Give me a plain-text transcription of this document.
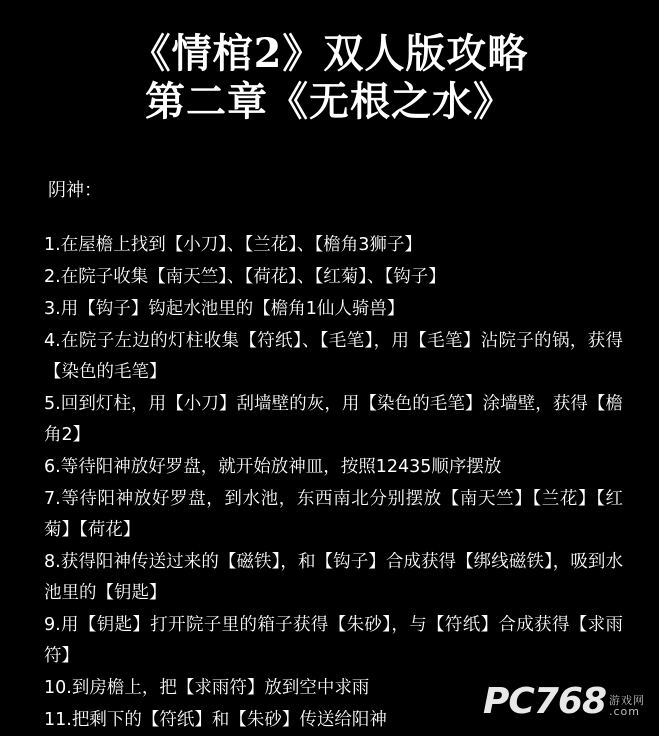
《情棺2》双人版攻略
第二章《无根之水》
阴神：
1.在屋檐上找到【小刀】、【兰花】、【檐角3狮子】
2.在院子收集【南天竺】、【荷花】、【红菊】、【钩子】
3.用【钩子】钩起水池里的【檐角1仙人骑兽】
4.在院子左边的灯柱收集【符纸】、【毛笔】，用【毛笔】沾院子的锅，获得【染色的毛笔】
5.回到灯柱，用【小刀】刮墙壁的灰，用【染色的毛笔】涂墙壁，获得【檐角2】
6.等待阳神放好罗盘，就开始放神皿，按照12435顺序摆放
7.等待阳神放好罗盘，到水池，东西南北分别摆放【南天竺】【兰花】【红菊】【荷花】
8.获得阳神传送过来的【磁铁】，和【钩子】合成获得【绑线磁铁】，吸到水池里的【钥匙】
9.用【钥匙】打开院子里的箱子获得【朱砂】，与【符纸】合成获得【求雨符】
10.到房檐上，把【求雨符】放到空中求雨
11.把剩下的【符纸】和【朱砂】传送给阳神	PC768 游戏网
.com
